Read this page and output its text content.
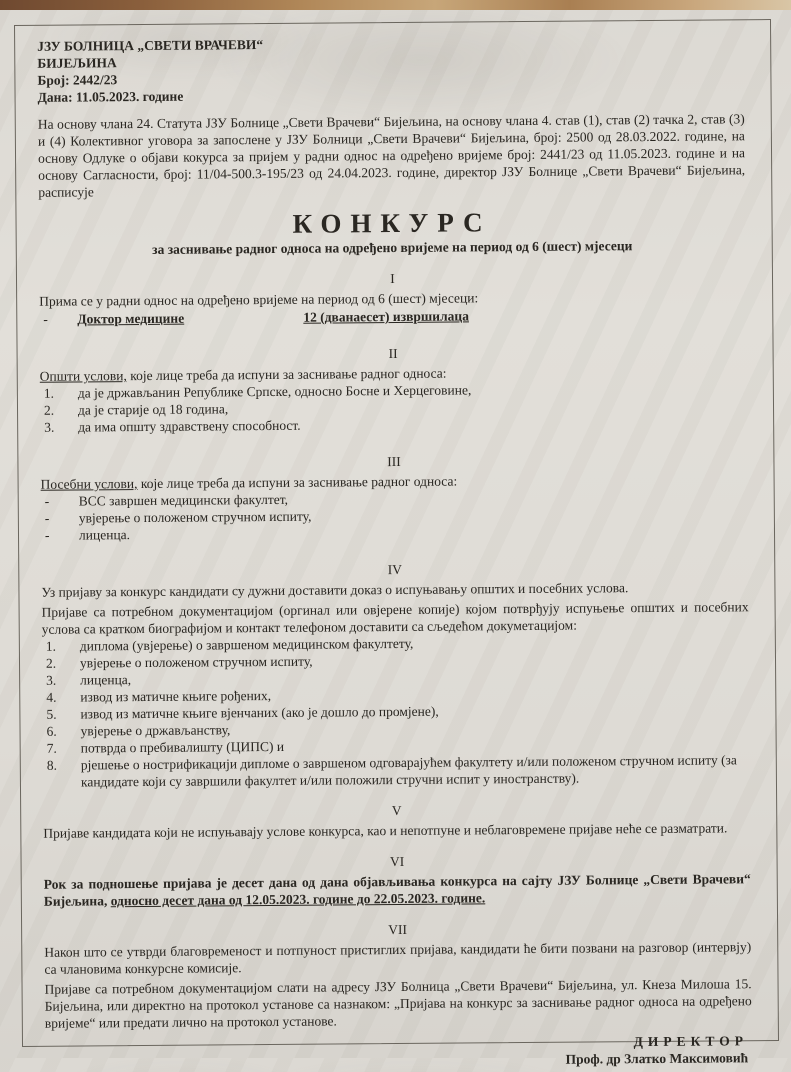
ЈЗУ БОЛНИЦА „СВЕТИ ВРАЧЕВИ“
БИЈЕЉИНА
Број: 2442/23
Дана: 11.05.2023. године

На основу члана 24. Статута ЈЗУ Болнице „Свети Врачеви“ Бијељина, на основу члана 4. став (1), став (2) тачка 2, став (3) и (4) Колективног уговора за запослене у ЈЗУ Болници „Свети Врачеви“ Бијељина, број: 2500 од 28.03.2022. године, на основу Одлуке о објави кокурса за пријем у радни однос на одређено вријеме број: 2441/23 од 11.05.2023. године и на основу Сагласности, број: 11/04-500.3-195/23 од 24.04.2023. године, директор ЈЗУ Болнице „Свети Врачеви“ Бијељина, расписује

КОНКУРС
за заснивање радног односа на одређено вријеме на период од 6 (шест) мјесеци
I

Прима се у радни однос на одређено вријеме на период од 6 (шест) мјесеци:

-	Доктор медицине	12 (дванаесет) извршилаца
II

Општи услови, које лице треба да испуни за заснивање радног односа:

1.	да је држављанин Републике Српске, односно Босне и Херцеговине,
2.	да је старије од 18 година,
3.	да има општу здравствену способност.
III

Посебни услови, које лице треба да испуни за заснивање радног односа:

-	ВСС завршен медицински факултет,
-	увјерење о положеном стручном испиту,
-	лиценца.
IV

Уз пријаву за конкурс кандидати су дужни доставити доказ о испуњавању општих и посебних услова.

Пријаве са потребном документацијом (оргинал или овјерене копије) којом потврђују испуњење општих и посебних услова са кратком биографијом и контакт телефоном доставити са сљедећом докуметацијом:

1.	диплома (увјерење) о завршеном медицинском факултету,
2.	увјерење о положеном стручном испиту,
3.	лиценца,
4.	извод из матичне књиге рођених,
5.	извод из матичне књиге вјенчаних (ако је дошло до промјене),
6.	увјерење о држављанству,
7.	потврда о пребивалишту (ЦИПС) и
8.	рјешење о нострификацији дипломе о завршеном одговарајућем факултету и/или положеном стручном испиту (за кандидате који су завршили факултет и/или положили стручни испит у иностранству).
V

Пријаве кандидата који не испуњавају услове конкурса, као и непотпуне и неблаговремене пријаве неће се разматрати.

VI

Рок за подношење пријава је десет дана од дана објављивања конкурса на сајту ЈЗУ Болнице „Свети Врачеви“ Бијељина, односно десет дана од 12.05.2023. године до 22.05.2023. године.

VII

Након што се утврди благовременост и потпуност пристиглих пријава, кандидати ће бити позвани на разговор (интервју) са члановима конкурсне комисије.

Пријаве са потребном документацијом слати на адресу ЈЗУ Болница „Свети Врачеви“ Бијељина, ул. Кнеза Милоша 15. Бијељина, или директно на протокол установе са назнаком: „Пријава на конкурс за заснивање радног односа на одређено вријеме“ или предати лично на протокол установе.

ДИРЕКТОР
Проф. др Златко Максимовић
